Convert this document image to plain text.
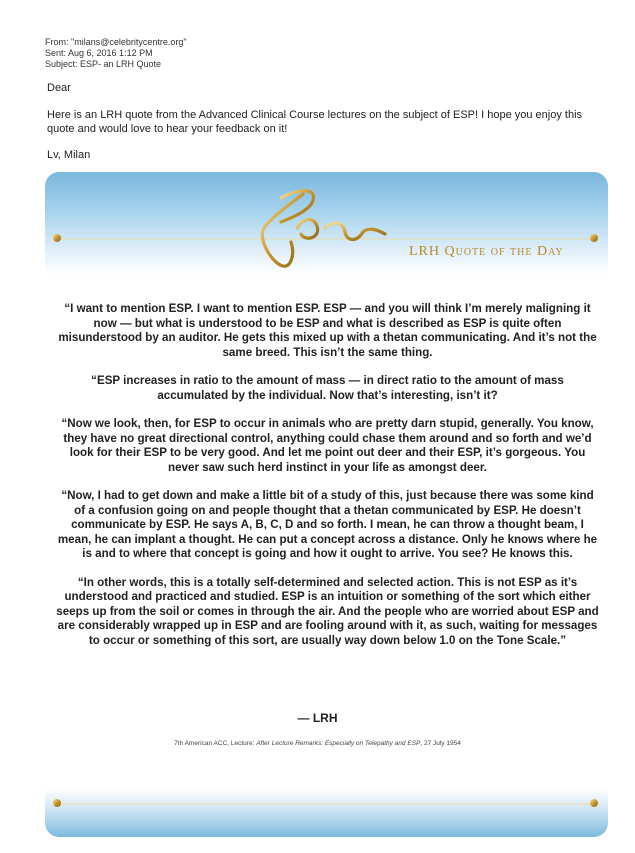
From: "milans@celebritycentre.org"
Sent: Aug 6, 2016 1:12 PM
Subject: ESP- an LRH Quote
Dear
Here is an LRH quote from the Advanced Clinical Course lectures on the subject of ESP! I hope you enjoy this quote and would love to hear your feedback on it!
Lv, Milan
LRH Quote of the Day

“I want to mention ESP. I want to mention ESP. ESP — and you will think I’m merely maligning it now — but what is understood to be ESP and what is described as ESP is quite often misunderstood by an auditor. He gets this mixed up with a thetan communicating. And it’s not the same breed. This isn’t the same thing.

“ESP increases in ratio to the amount of mass — in direct ratio to the amount of mass accumulated by the individual. Now that’s interesting, isn’t it?

“Now we look, then, for ESP to occur in animals who are pretty darn stupid, generally. You know, they have no great directional control, anything could chase them around and so forth and we’d look for their ESP to be very good. And let me point out deer and their ESP, it’s gorgeous. You never saw such herd instinct in your life as amongst deer.

“Now, I had to get down and make a little bit of a study of this, just because there was some kind of a confusion going on and people thought that a thetan communicated by ESP. He doesn’t communicate by ESP. He says A, B, C, D and so forth. I mean, he can throw a thought beam, I mean, he can implant a thought. He can put a concept across a distance. Only he knows where he is and to where that concept is going and how it ought to arrive. You see? He knows this.

“In other words, this is a totally self-determined and selected action. This is not ESP as it’s understood and practiced and studied. ESP is an intuition or something of the sort which either seeps up from the soil or comes in through the air. And the people who are worried about ESP and are considerably wrapped up in ESP and are fooling around with it, as such, waiting for messages to occur or something of this sort, are usually way down below 1.0 on the Tone Scale.”

— LRH
7th American ACC, Lecture: After Lecture Remarks: Especially on Telepathy and ESP, 27 July 1954
